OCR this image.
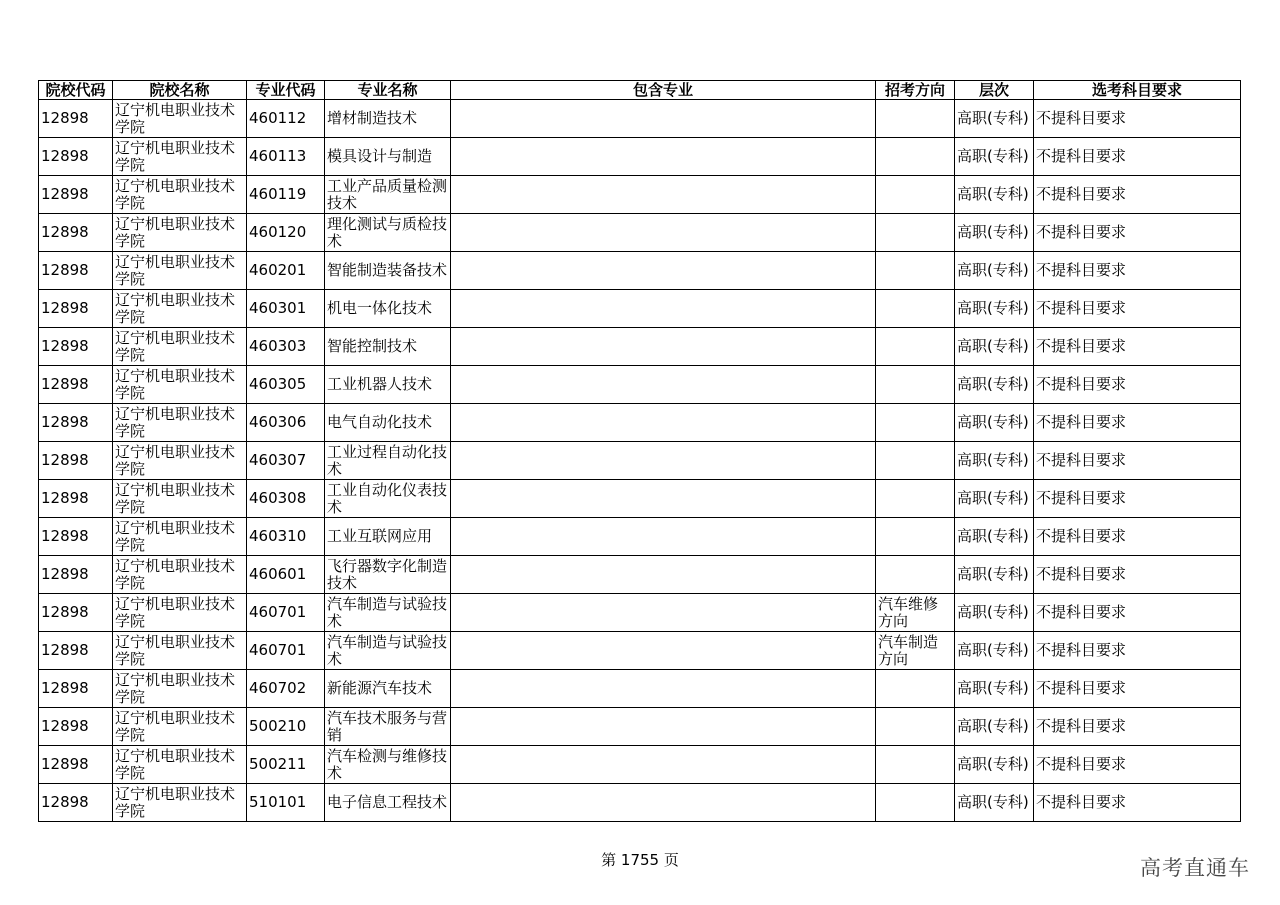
院校代码	院校名称	专业代码	专业名称	包含专业	招考方向	层次	选考科目要求
12898	辽宁机电职业技术学院	460112	增材制造技术			高职(专科)	不提科目要求
12898	辽宁机电职业技术学院	460113	模具设计与制造			高职(专科)	不提科目要求
12898	辽宁机电职业技术学院	460119	工业产品质量检测技术			高职(专科)	不提科目要求
12898	辽宁机电职业技术学院	460120	理化测试与质检技术			高职(专科)	不提科目要求
12898	辽宁机电职业技术学院	460201	智能制造装备技术			高职(专科)	不提科目要求
12898	辽宁机电职业技术学院	460301	机电一体化技术			高职(专科)	不提科目要求
12898	辽宁机电职业技术学院	460303	智能控制技术			高职(专科)	不提科目要求
12898	辽宁机电职业技术学院	460305	工业机器人技术			高职(专科)	不提科目要求
12898	辽宁机电职业技术学院	460306	电气自动化技术			高职(专科)	不提科目要求
12898	辽宁机电职业技术学院	460307	工业过程自动化技术			高职(专科)	不提科目要求
12898	辽宁机电职业技术学院	460308	工业自动化仪表技术			高职(专科)	不提科目要求
12898	辽宁机电职业技术学院	460310	工业互联网应用			高职(专科)	不提科目要求
12898	辽宁机电职业技术学院	460601	飞行器数字化制造技术			高职(专科)	不提科目要求
12898	辽宁机电职业技术学院	460701	汽车制造与试验技术		汽车维修方向	高职(专科)	不提科目要求
12898	辽宁机电职业技术学院	460701	汽车制造与试验技术		汽车制造方向	高职(专科)	不提科目要求
12898	辽宁机电职业技术学院	460702	新能源汽车技术			高职(专科)	不提科目要求
12898	辽宁机电职业技术学院	500210	汽车技术服务与营销			高职(专科)	不提科目要求
12898	辽宁机电职业技术学院	500211	汽车检测与维修技术			高职(专科)	不提科目要求
12898	辽宁机电职业技术学院	510101	电子信息工程技术			高职(专科)	不提科目要求
第 1755 页	高考直通车
